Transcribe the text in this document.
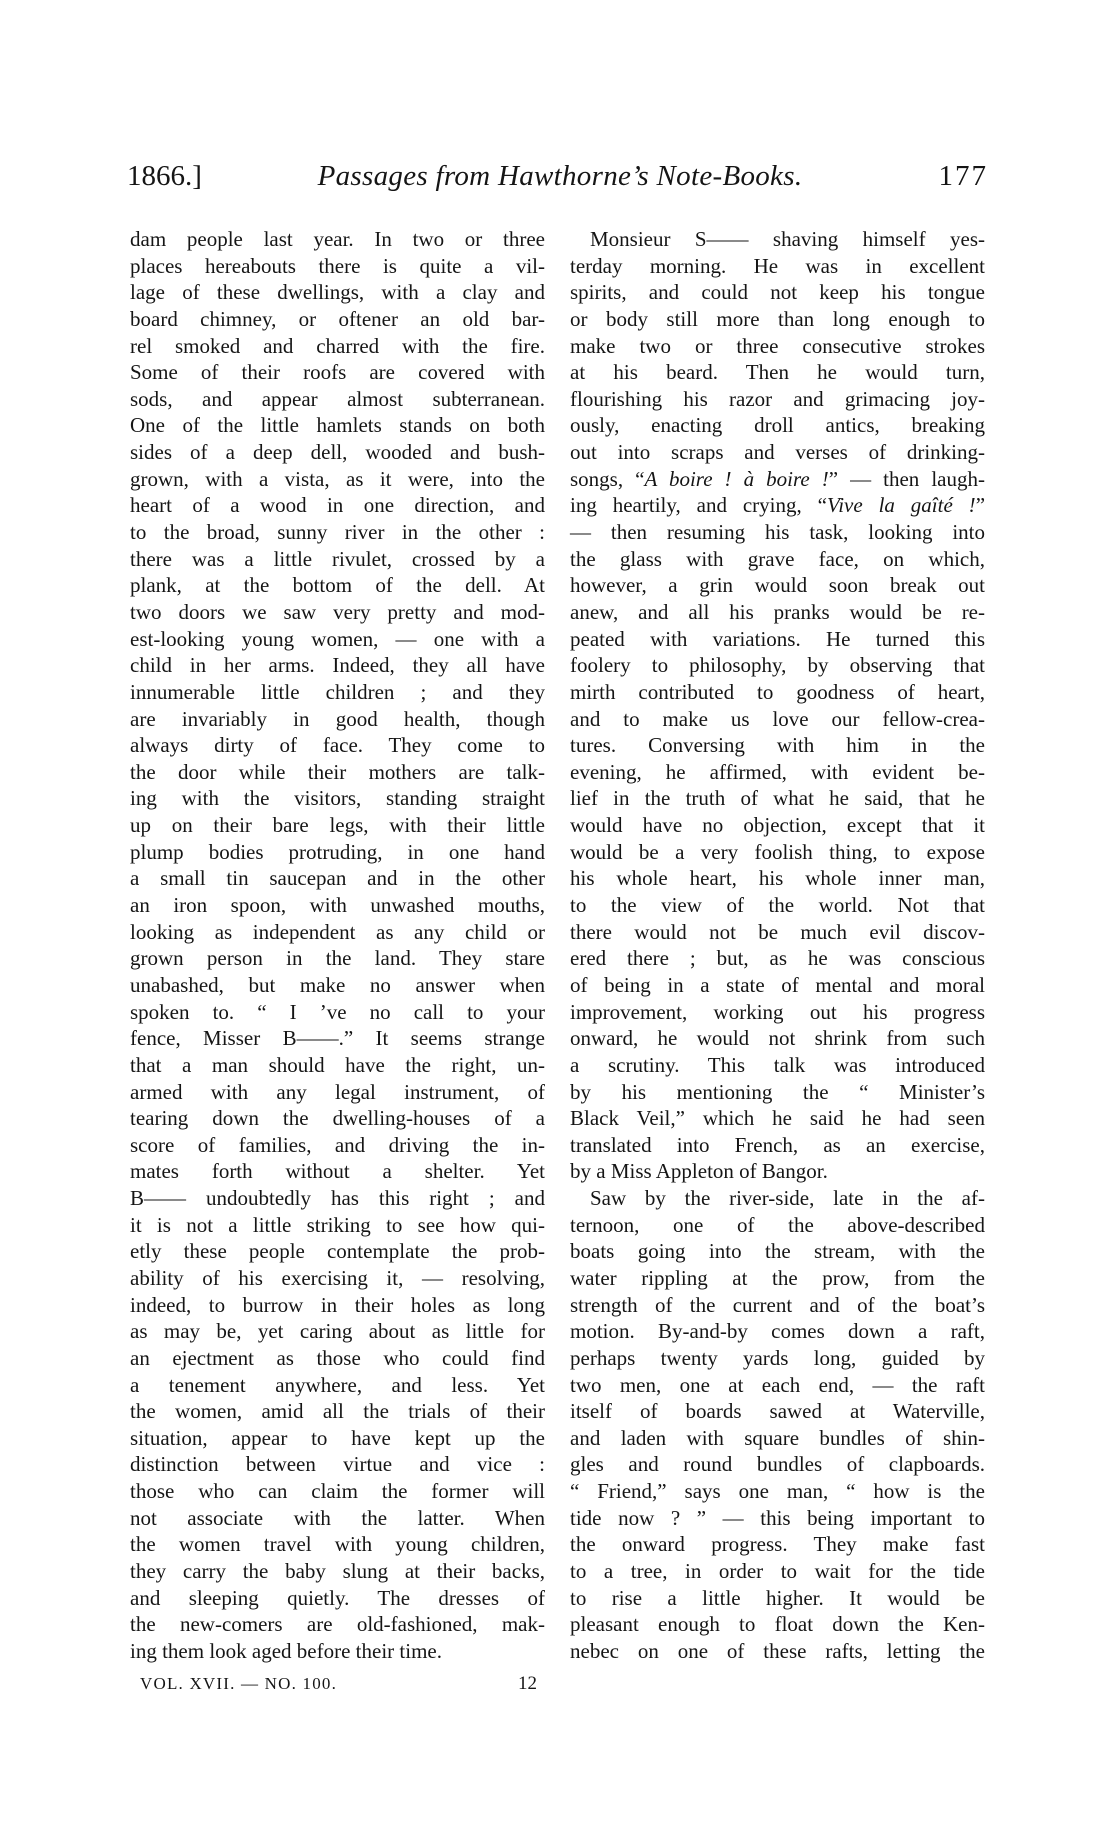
Passages from Hawthorne’s Note-Books.
1866.]	177
dam people last year. In two or three
places hereabouts there is quite a vil-
lage of these dwellings, with a clay and
board chimney, or oftener an old bar-
rel smoked and charred with the fire.
Some of their roofs are covered with
sods, and appear almost subterranean.
One of the little hamlets stands on both
sides of a deep dell, wooded and bush-
grown, with a vista, as it were, into the
heart of a wood in one direction, and
to the broad, sunny river in the other :
there was a little rivulet, crossed by a
plank, at the bottom of the dell. At
two doors we saw very pretty and mod-
est-looking young women, — one with a
child in her arms. Indeed, they all have
innumerable little children ; and they
are invariably in good health, though
always dirty of face. They come to
the door while their mothers are talk-
ing with the visitors, standing straight
up on their bare legs, with their little
plump bodies protruding, in one hand
a small tin saucepan and in the other
an iron spoon, with unwashed mouths,
looking as independent as any child or
grown person in the land. They stare
unabashed, but make no answer when
spoken to. “ I ’ve no call to your
fence, Misser B——.” It seems strange
that a man should have the right, un-
armed with any legal instrument, of
tearing down the dwelling-houses of a
score of families, and driving the in-
mates forth without a shelter. Yet
B—— undoubtedly has this right ; and
it is not a little striking to see how qui-
etly these people contemplate the prob-
ability of his exercising it, — resolving,
indeed, to burrow in their holes as long
as may be, yet caring about as little for
an ejectment as those who could find
a tenement anywhere, and less. Yet
the women, amid all the trials of their
situation, appear to have kept up the
distinction between virtue and vice :
those who can claim the former will
not associate with the latter. When
the women travel with young children,
they carry the baby slung at their backs,
and sleeping quietly. The dresses of
the new-comers are old-fashioned, mak-
ing them look aged before their time.
Monsieur S—— shaving himself yes-
terday morning. He was in excellent
spirits, and could not keep his tongue
or body still more than long enough to
make two or three consecutive strokes
at his beard. Then he would turn,
flourishing his razor and grimacing joy-
ously, enacting droll antics, breaking
out into scraps and verses of drinking-
songs, “A boire ! à boire !” — then laugh-
ing heartily, and crying, “Vive la gaîté !”
— then resuming his task, looking into
the glass with grave face, on which,
however, a grin would soon break out
anew, and all his pranks would be re-
peated with variations. He turned this
foolery to philosophy, by observing that
mirth contributed to goodness of heart,
and to make us love our fellow-crea-
tures. Conversing with him in the
evening, he affirmed, with evident be-
lief in the truth of what he said, that he
would have no objection, except that it
would be a very foolish thing, to expose
his whole heart, his whole inner man,
to the view of the world. Not that
there would not be much evil discov-
ered there ; but, as he was conscious
of being in a state of mental and moral
improvement, working out his progress
onward, he would not shrink from such
a scrutiny. This talk was introduced
by his mentioning the “ Minister’s
Black Veil,” which he said he had seen
translated into French, as an exercise,
by a Miss Appleton of Bangor.
Saw by the river-side, late in the af-
ternoon, one of the above-described
boats going into the stream, with the
water rippling at the prow, from the
strength of the current and of the boat’s
motion. By-and-by comes down a raft,
perhaps twenty yards long, guided by
two men, one at each end, — the raft
itself of boards sawed at Waterville,
and laden with square bundles of shin-
gles and round bundles of clapboards.
“ Friend,” says one man, “ how is the
tide now ? ” — this being important to
the onward progress. They make fast
to a tree, in order to wait for the tide
to rise a little higher. It would be
pleasant enough to float down the Ken-
nebec on one of these rafts, letting the
VOL. XVII. — NO. 100.	12
